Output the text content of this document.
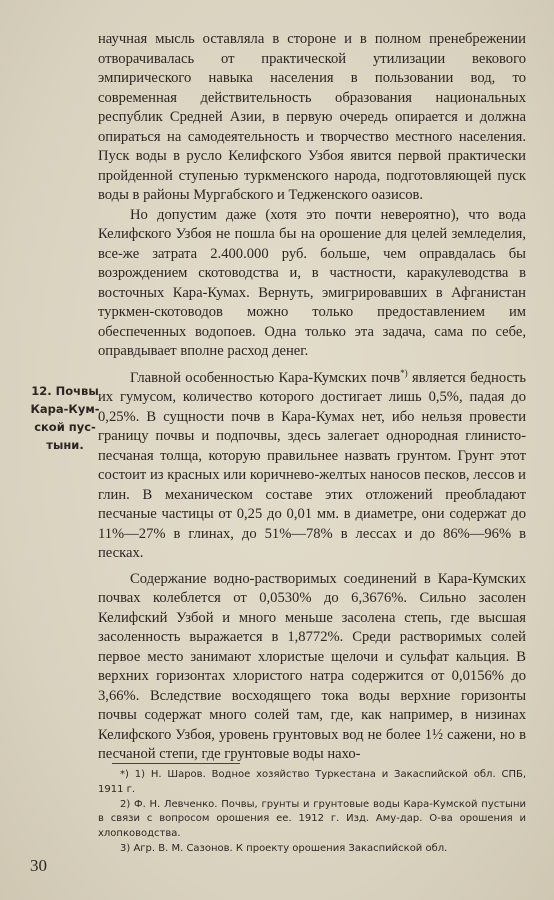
научная мысль оставляла в стороне и в полном пренебрежении отворачивалась от практической утилизации векового эмпирического навыка населения в пользовании вод, то современная действительность образования национальных республик Средней Азии, в первую очередь опирается и должна опираться на самодеятельность и творчество местного населения. Пуск воды в русло Келифского Узбоя явится первой практически пройденной ступенью туркменского народа, подготовляющей пуск воды в районы Мургабского и Тедженского оазисов.

Но допустим даже (хотя это почти невероятно), что вода Келифского Узбоя не пошла бы на орошение для целей земледелия, все-же затрата 2.400.000 руб. больше, чем оправдалась бы возрождением скотоводства и, в частности, каракулеводства в восточных Кара-Кумах. Вернуть, эмигрировавших в Афганистан туркмен-скотоводов можно только предоставлением им обеспеченных водопоев. Одна только эта задача, сама по себе, оправдывает вполне расход денег.

Главной особенностью Кара-Кумских почв*) является бедность их гумусом, количество которого достигает лишь 0,5%, падая до 0,25%. В сущности почв в Кара-Кумах нет, ибо нельзя провести границу почвы и подпочвы, здесь залегает однородная глинисто-песчаная толща, которую правильнее назвать грунтом. Грунт этот состоит из красных или коричнево-желтых наносов песков, лессов и глин. В механическом составе этих отложений преобладают песчаные частицы от 0,25 до 0,01 мм. в диаметре, они содержат до 11%—27% в глинах, до 51%—78% в лессах и до 86%—96% в песках.

Содержание водно-растворимых соединений в Кара-Кумских почвах колеблется от 0,0530% до 6,3676%. Сильно засолен Келифский Узбой и много меньше засолена степь, где высшая засоленность выражается в 1,8772%. Среди растворимых солей первое место занимают хлористые щелочи и сульфат кальция. В верхних горизонтах хлористого натра содержится от 0,0156% до 3,66%. Вследствие восходящего тока воды верхние горизонты почвы содержат много солей там, где, как например, в низинах Келифского Узбоя, уровень грунтовых вод не более 1½ сажени, но в песчаной степи, где грунтовые воды нахо-

12. Почвы
Кара-Кум-
ской пус-
тыни.

*) 1) Н. Шаров. Водное хозяйство Туркестана и Закаспийской обл. СПБ, 1911 г.

2) Ф. Н. Левченко. Почвы, грунты и грунтовые воды Кара-Кумской пустыни в связи с вопросом орошения ее. 1912 г. Изд. Аму-дар. О-ва орошения и хлопководства.

3) Агр. В. М. Сазонов. К проекту орошения Закаспийской обл.

30
